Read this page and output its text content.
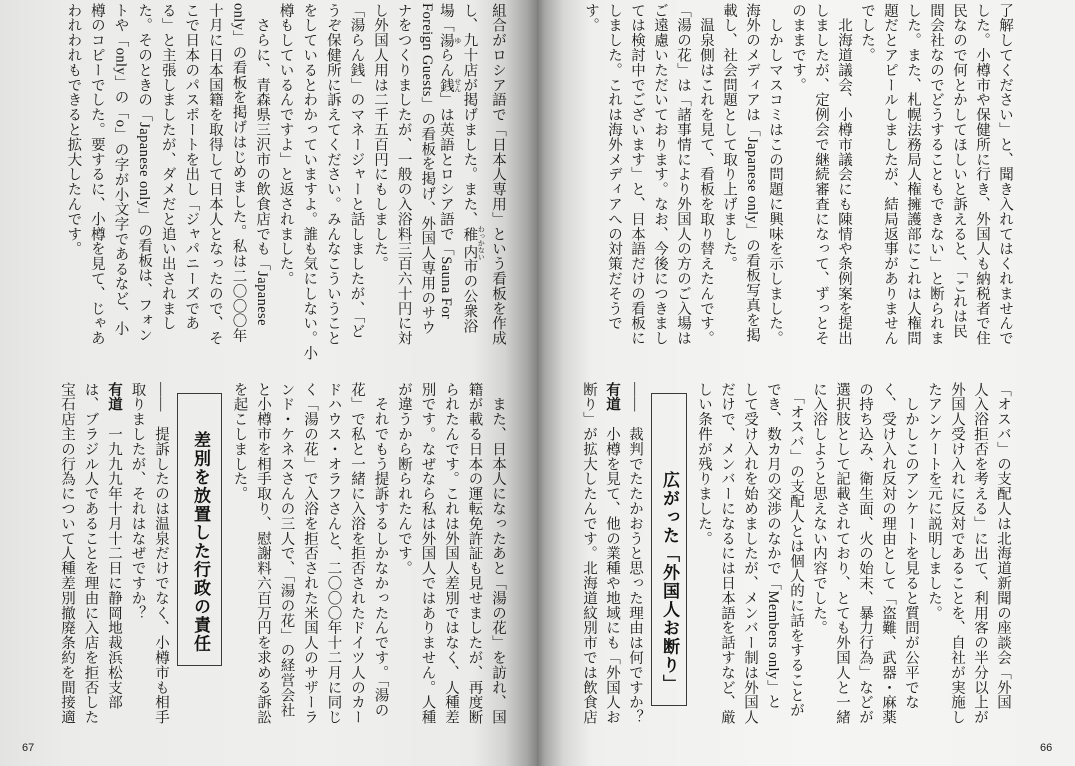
組合がロシア語で「日本人専用」という看板を作成
し、九十店が掲げました。また、稚内 わっかない市の公衆浴
場「湯 ゆらん銭 せん」は英語とロシア語で「Sauna For
Foreign Guests」の看板を掲げ、外国人専用のサウ
ナをつくりましたが、一般の入浴料三百六十円に対
し外国人用は二千五百円にもしました。
「湯らん銭」のマネージャーと話しましたが、「ど
うぞ保健所に訴えてください。みんなこういうこと
をしているとわかっていますよ。誰も気にしない。小
樽もしているんですよ」と返されました。
　さらに、青森県三沢市の飲食店でも「Japanese
only」の看板を掲げはじめました。私は二〇〇〇年
十月に日本国籍を取得して日本人となったので、そ
こで日本のパスポートを出し「ジャパニーズであ
る」と主張しましたが、ダメだと追い出されまし
た。そのときの「Japanese only」の看板は、フォン
トや「only」の「o」の字が小文字であるなど、小
樽のコピーでした。要するに、小樽を見て、じゃあ
われわれもできると拡大したんです。
　また、日本人になったあと「湯の花」を訪れ、国
籍が載る日本の運転免許証も見せましたが、再度断
られたんです。これは外国人差別ではなく、人種差
別です。なぜなら私は外国人ではありません。人種
が違うから断られたんです。
　それでもう提訴するしかなかったんです。「湯の
花」で私と一緒に入浴を拒否されたドイツ人のカー
ドハウス・オラフさんと、二〇〇〇年十二月に同じ
く「湯の花」で入浴を拒否された米国人のサザーラ
ンド・ケネスさんの三人で、「湯の花」の経営会社
と小樽市を相手取り、慰謝料六百万円を求める訴訟
を起こしました。
差別を放置した行政の責任
――　提訴したのは温泉だけでなく、小樽市も相手
取りましたが、それはなぜですか？
有道　一九九九年十月十二日に静岡地裁浜松支部
は、ブラジル人であることを理由に入店を拒否した
宝石店主の行為について人種差別撤廃条約を間接適
67
了解してください」と、聞き入れてはくれませんで
した。小樽市や保健所に行き、外国人も納税者で住
民なので何とかしてほしいと訴えると、「これは民
間会社なのでどうすることもできない」と断られま
した。また、札幌法務局人権擁護部にこれは人権問
題だとアピールしましたが、結局返事がありません
でした。
　北海道議会、小樽市議会にも陳情や条例案を提出
しましたが、定例会で継続審査になって、ずっとそ
のままです。
　しかしマスコミはこの問題に興味を示しました。
海外のメディアは「Japanese only」の看板写真を掲
載し、社会問題として取り上げました。
　温泉側はこれを見て、看板を取り替えたんです。
「湯の花」は「諸事情により外国人の方のご入場は
ご遠慮いただいております。なお、今後につきまし
ては検討中でございます」と、日本語だけの看板に
しました。これは海外メディアへの対策だそうで
す。
「オスバ」の支配人は北海道新聞の座談会「外国
人入浴拒否を考える」に出て、利用客の半分以上が
外国人受け入れに反対であることを、自社が実施し
たアンケートを元に説明しました。
　しかしこのアンケートを見ると質問が公平でな
く、受け入れ反対の理由として「盗難、武器・麻薬
の持ち込み、衛生面、火の始末、暴力行為」などが
選択肢として記載されており、とても外国人と一緒
に入浴しようと思えない内容でした。
　「オスバ」の支配人とは個人的に話をすることが
でき、数カ月の交渉のなかで「Members only」と
して受け入れを始めましたが、メンバー制は外国人
だけで、メンバーになるには日本語を話すなど、厳
しい条件が残りました。
広がった「外国人お断り」
――　裁判でたたかおうと思った理由は何ですか？
有道　小樽を見て、他の業種や地域にも「外国人お
断り」が拡大したんです。北海道紋別市では飲食店
66
